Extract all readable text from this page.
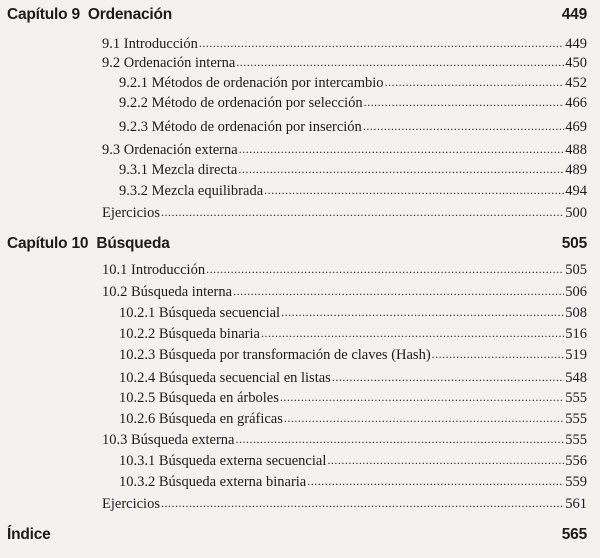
Capítulo 9 Ordenación	449
9.1 Introducción .....	449
9.2 Ordenación interna .....	450
9.2.1 Métodos de ordenación por intercambio .....	452
9.2.2 Método de ordenación por selección .....	466
9.2.3 Método de ordenación por inserción .....	469
9.3 Ordenación externa .....	488
9.3.1 Mezcla directa .....	489
9.3.2 Mezcla equilibrada .....	494
Ejercicios .....	500
Capítulo 10 Búsqueda	505
10.1 Introducción .....	505
10.2 Búsqueda interna .....	506
10.2.1 Búsqueda secuencial .....	508
10.2.2 Búsqueda binaria .....	516
10.2.3 Búsqueda por transformación de claves (Hash) .....	519
10.2.4 Búsqueda secuencial en listas .....	548
10.2.5 Búsqueda en árboles .....	555
10.2.6 Búsqueda en gráficas .....	555
10.3 Búsqueda externa .....	555
10.3.1 Búsqueda externa secuencial .....	556
10.3.2 Búsqueda externa binaria .....	559
Ejercicios .....	561
Índice	565
